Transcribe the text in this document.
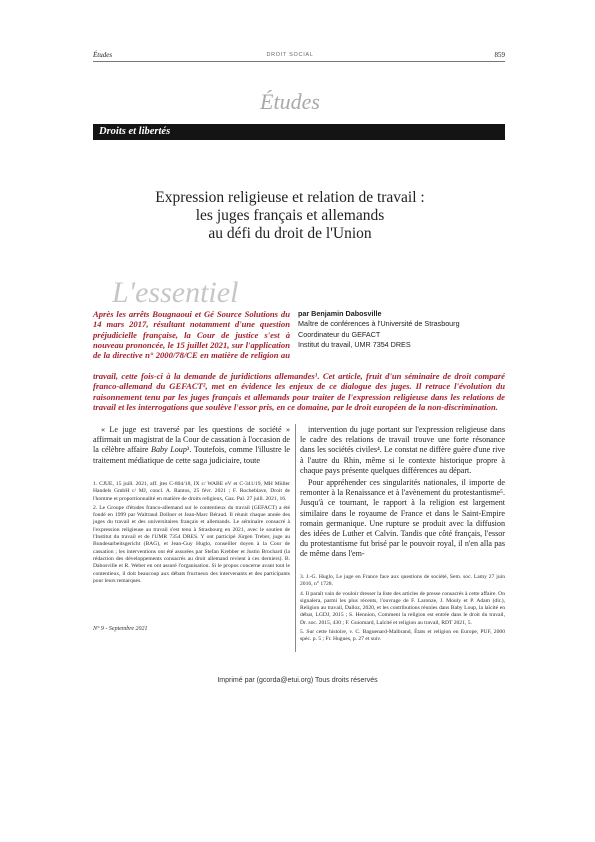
Études	DROIT SOCIAL	859
Études
Droits et libertés
Expression religieuse et relation de travail :
les juges français et allemands
au défi du droit de l'Union
L'essentiel

Après les arrêts Bougnaoui et Gé Source Solutions du 14 mars 2017, résultant notamment d'une question préjudicielle française, la Cour de justice s'est à nouveau prononcée, le 15 juillet 2021, sur l'application de la directive n° 2000/78/CE en matière de religion au

travail, cette fois-ci à la demande de juridictions allemandes¹. Cet article, fruit d'un séminaire de droit comparé franco-allemand du GEFACT², met en évidence les enjeux de ce dialogue des juges. Il retrace l'évolution du raisonnement tenu par les juges français et allemands pour traiter de l'expression religieuse dans les relations de travail et les interrogations que soulève l'essor pris, en ce domaine, par le droit européen de la non-discrimination.

par Benjamin Dabosville
Maître de conférences à l'Université de Strasbourg
Coordinateur du GEFACT
Institut du travail, UMR 7354 DRES

« Le juge est traversé par les questions de société » affirmait un magistrat de la Cour de cassation à l'occasion de la célèbre affaire Baby Loup³. Toutefois, comme l'illustre le traitement médiatique de cette saga judiciaire, toute

intervention du juge portant sur l'expression religieuse dans le cadre des relations de travail trouve une forte résonance dans les sociétés civiles⁴. Le constat ne diffère guère d'une rive à l'autre du Rhin, même si le contexte historique propre à chaque pays présente quelques différences au départ.

Pour appréhender ces singularités nationales, il importe de remonter à la Renaissance et à l'avènement du protestantisme⁵. Jusqu'à ce tournant, le rapport à la religion est largement similaire dans le royaume de France et dans le Saint-Empire romain germanique. Une rupture se produit avec la diffusion des idées de Luther et Calvin. Tandis que côté français, l'essor du protestantisme fut brisé par le pouvoir royal, il n'en alla pas de même dans l'em-

1. CJUE, 15 juill. 2021, aff. jtes C-804/18, IX c/ WABE eV et C-341/19, MH Müller Handels GmbH c/ MJ, concl. A. Rantos, 25 févr. 2021 ; F. Rocheblave, Droit de l'homme et proportionnalité en matière de droits religieux, Gaz. Pal. 27 juill. 2021, 16.

2. Le Groupe d'études franco-allemand sur le contentieux du travail (GEFACT) a été fondé en 1999 par Waltraud Dollner et Jean-Marc Béraud. Il réunit chaque année des juges du travail et des universitaires français et allemands. Le séminaire consacré à l'expression religieuse au travail s'est tenu à Strasbourg en 2021, avec le soutien de l'Institut du travail et de l'UMR 7354 DRES. Y ont participé Jürgen Treber, juge au Bundesarbeitsgericht (BAG), et Jean-Guy Huglo, conseiller doyen à la Cour de cassation ; les interventions ont été assurées par Stefan Krebber et Justin Brochard (la rédaction des développements consacrés au droit allemand revient à ces derniers). B. Dabosville et R. Weber en ont assuré l'organisation. Si le propos concerne avant tout le contentieux, il doit beaucoup aux débats fructueux des intervenants et des participants pour leurs remarques.

3. J.-G. Huglo, Le juge en France face aux questions de société, Sem. soc. Lamy 27 juin 2016, n° 1728.

4. Il paraît vain de vouloir dresser la liste des articles de presse consacrés à cette affaire. On signalera, parmi les plus récents, l'ouvrage de F. Laronze, J. Mouly et P. Adam (dir.), Religion au travail, Dalloz, 2020, et les contributions réunies dans Baby Loup, la laïcité en débat, LGDJ, 2015 ; S. Hennion, Comment la religion est entrée dans le droit du travail, Dr. soc. 2015, 430 ; F. Guiomard, Laïcité et religion au travail, RDT 2021, 5.

5. Sur cette histoire, v. C. Baguenard-Malbrand, États et religion en Europe, PUF, 2000 spéc. p. 5 ; Fr. Hugues, p. 27 et suiv.

N° 9 - Septembre 2021
Imprimé par (gcorda@etui.org) Tous droits réservés
